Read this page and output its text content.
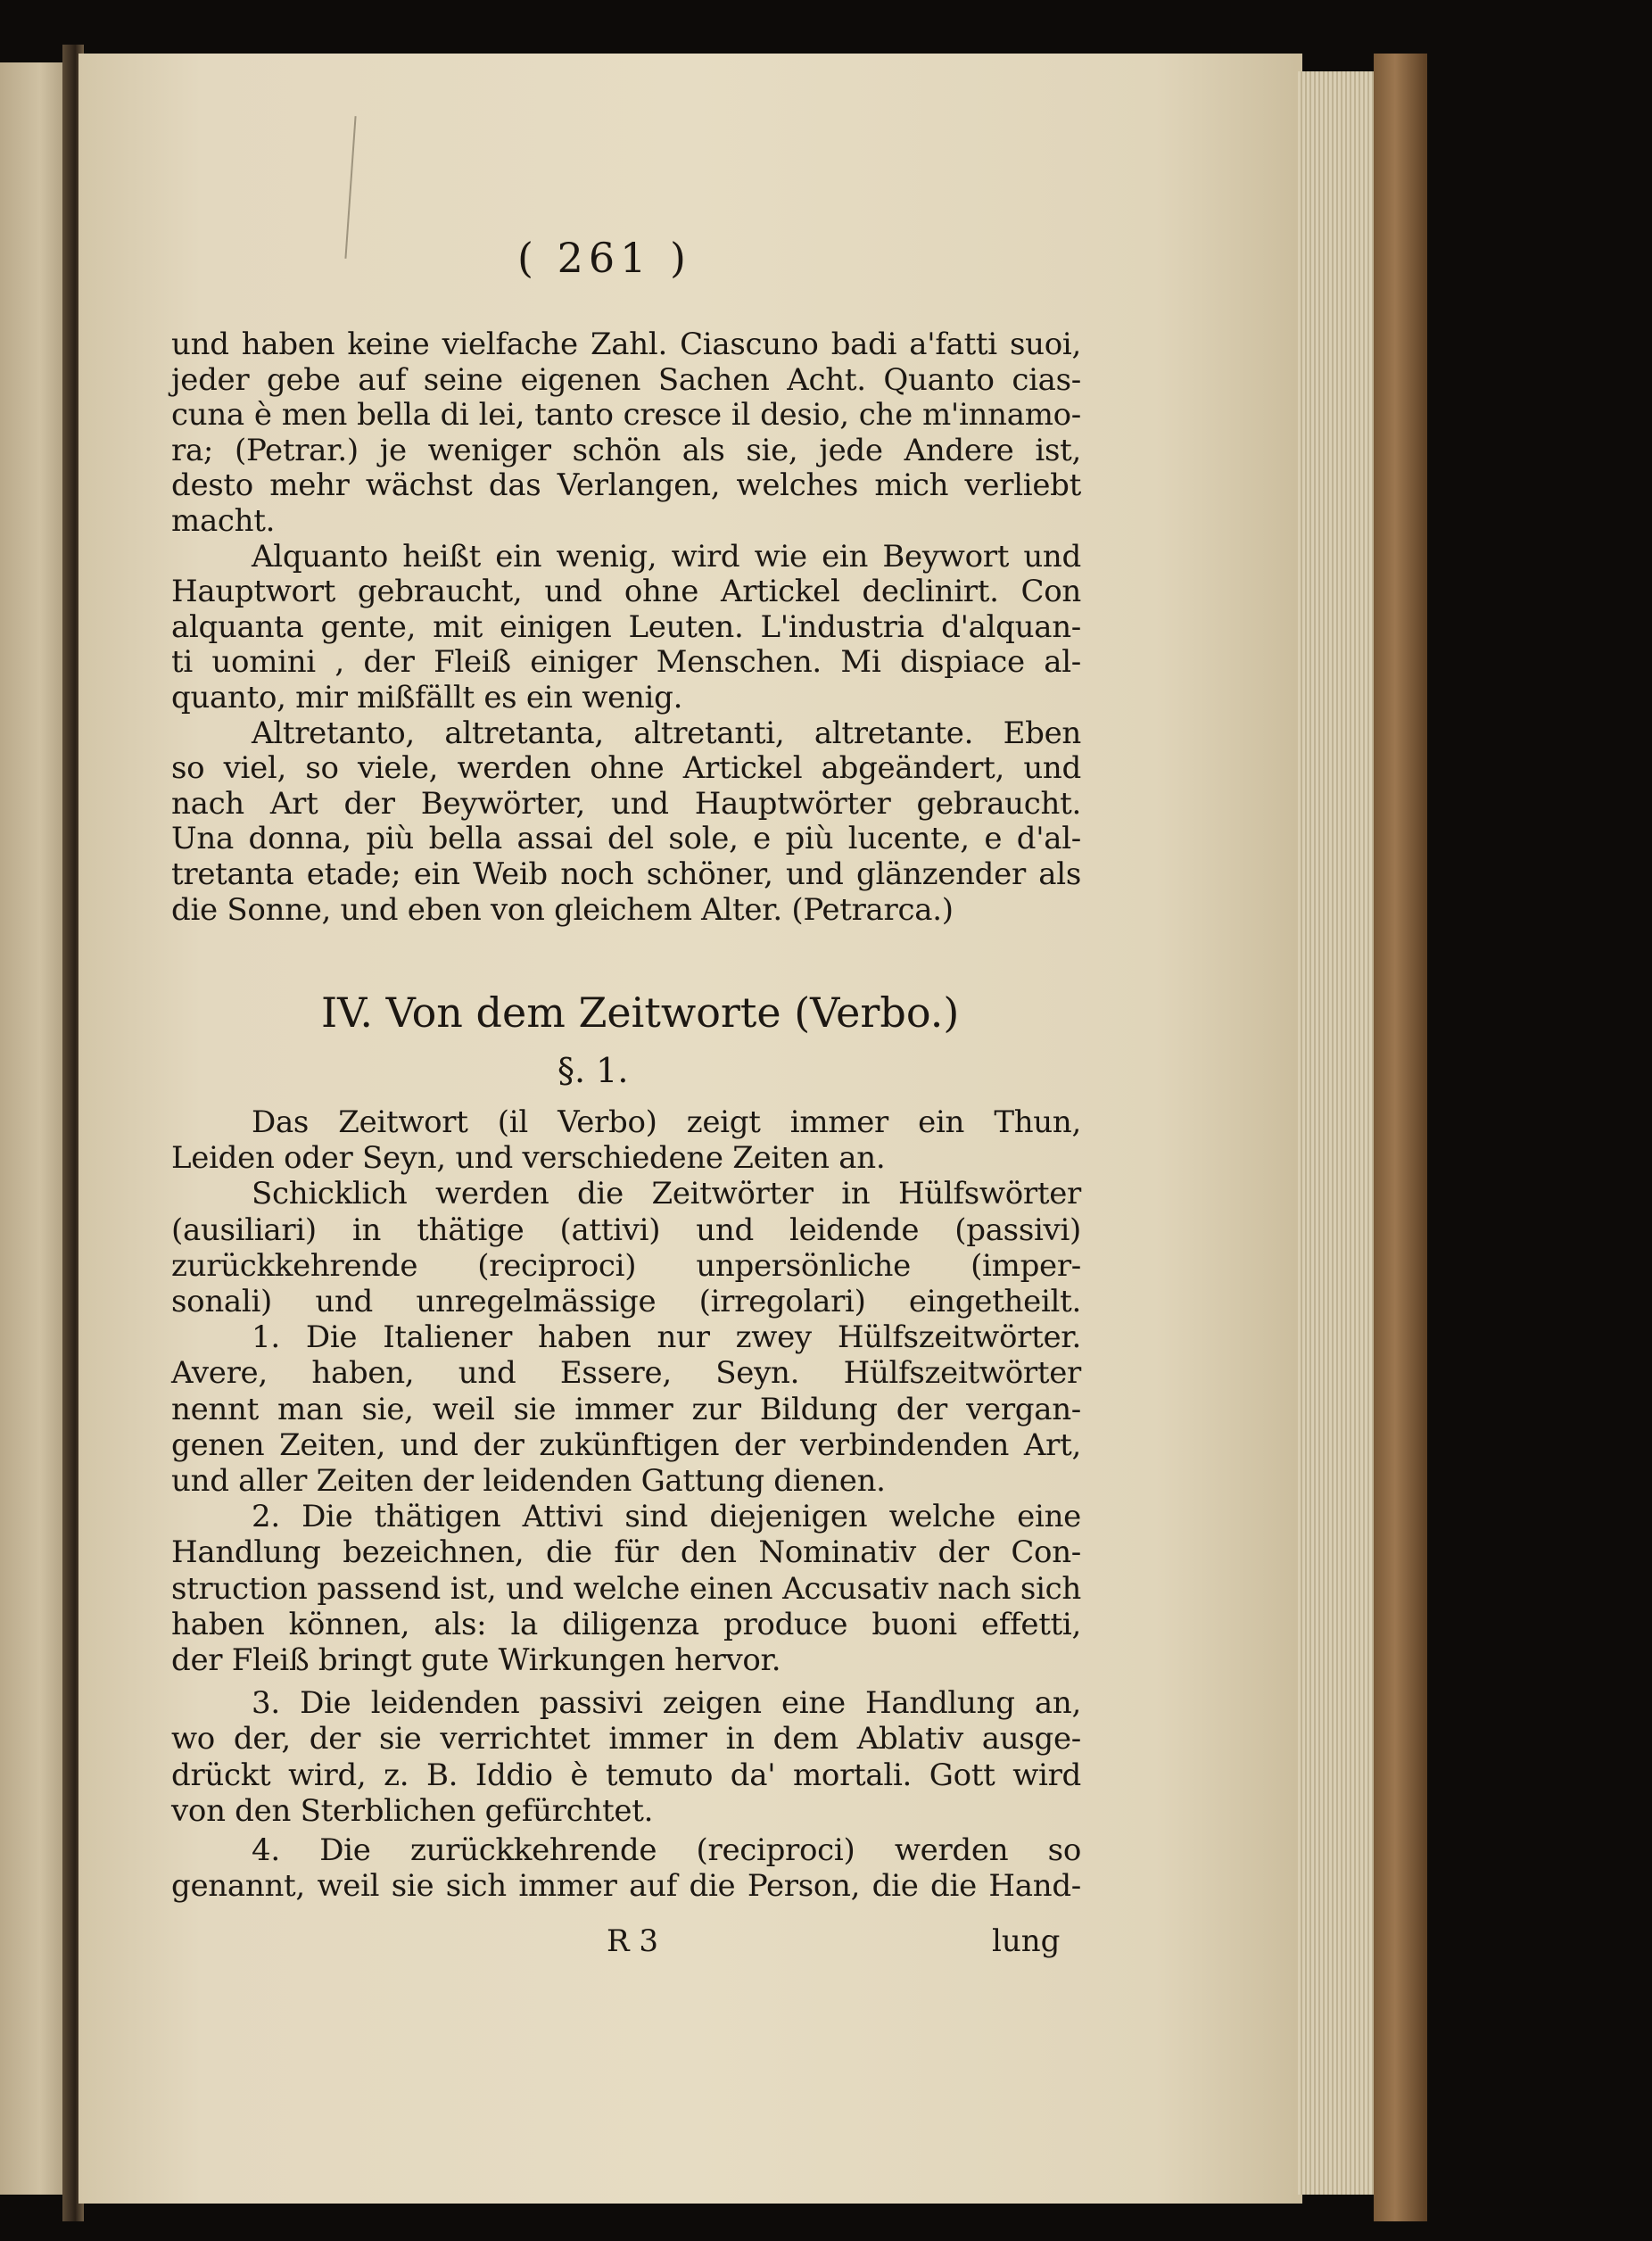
( 261 )
und haben keine vielfache Zahl. Ciascuno badi a'fatti suoi,
jeder gebe auf seine eigenen Sachen Acht. Quanto cias-
cuna è men bella di lei, tanto cresce il desio, che m'innamo-
ra; (Petrar.) je weniger schön als sie, jede Andere ist,
desto mehr wächst das Verlangen, welches mich verliebt
macht.
Alquanto heißt ein wenig, wird wie ein Beywort und
Hauptwort gebraucht, und ohne Artickel declinirt. Con
alquanta gente, mit einigen Leuten. L'industria d'alquan-
ti uomini , der Fleiß einiger Menschen. Mi dispiace al-
quanto, mir mißfällt es ein wenig.
Altretanto, altretanta, altretanti, altretante. Eben
so viel, so viele, werden ohne Artickel abgeändert, und
nach Art der Beywörter, und Hauptwörter gebraucht.
Una donna, più bella assai del sole, e più lucente, e d'al-
tretanta etade; ein Weib noch schöner, und glänzender als
die Sonne, und eben von gleichem Alter. (Petrarca.)
Das Zeitwort (il Verbo) zeigt immer ein Thun,
Leiden oder Seyn, und verschiedene Zeiten an.
Schicklich werden die Zeitwörter in Hülfswörter
(ausiliari) in thätige (attivi) und leidende (passivi)
zurückkehrende (reciproci) unpersönliche (imper-
sonali) und unregelmässige (irregolari) eingetheilt.
1. Die Italiener haben nur zwey Hülfszeitwörter.
Avere, haben, und Essere, Seyn. Hülfszeitwörter
nennt man sie, weil sie immer zur Bildung der vergan-
genen Zeiten, und der zukünftigen der verbindenden Art,
und aller Zeiten der leidenden Gattung dienen.
2. Die thätigen Attivi sind diejenigen welche eine
Handlung bezeichnen, die für den Nominativ der Con-
struction passend ist, und welche einen Accusativ nach sich
haben können, als: la diligenza produce buoni effetti,
der Fleiß bringt gute Wirkungen hervor.
3. Die leidenden passivi zeigen eine Handlung an,
wo der, der sie verrichtet immer in dem Ablativ ausge-
drückt wird, z. B. Iddio è temuto da' mortali. Gott wird
von den Sterblichen gefürchtet.
4. Die zurückkehrende (reciproci) werden so
genannt, weil sie sich immer auf die Person, die die Hand-
IV. Von dem Zeitworte (Verbo.)
§. 1.
R 3	lung
